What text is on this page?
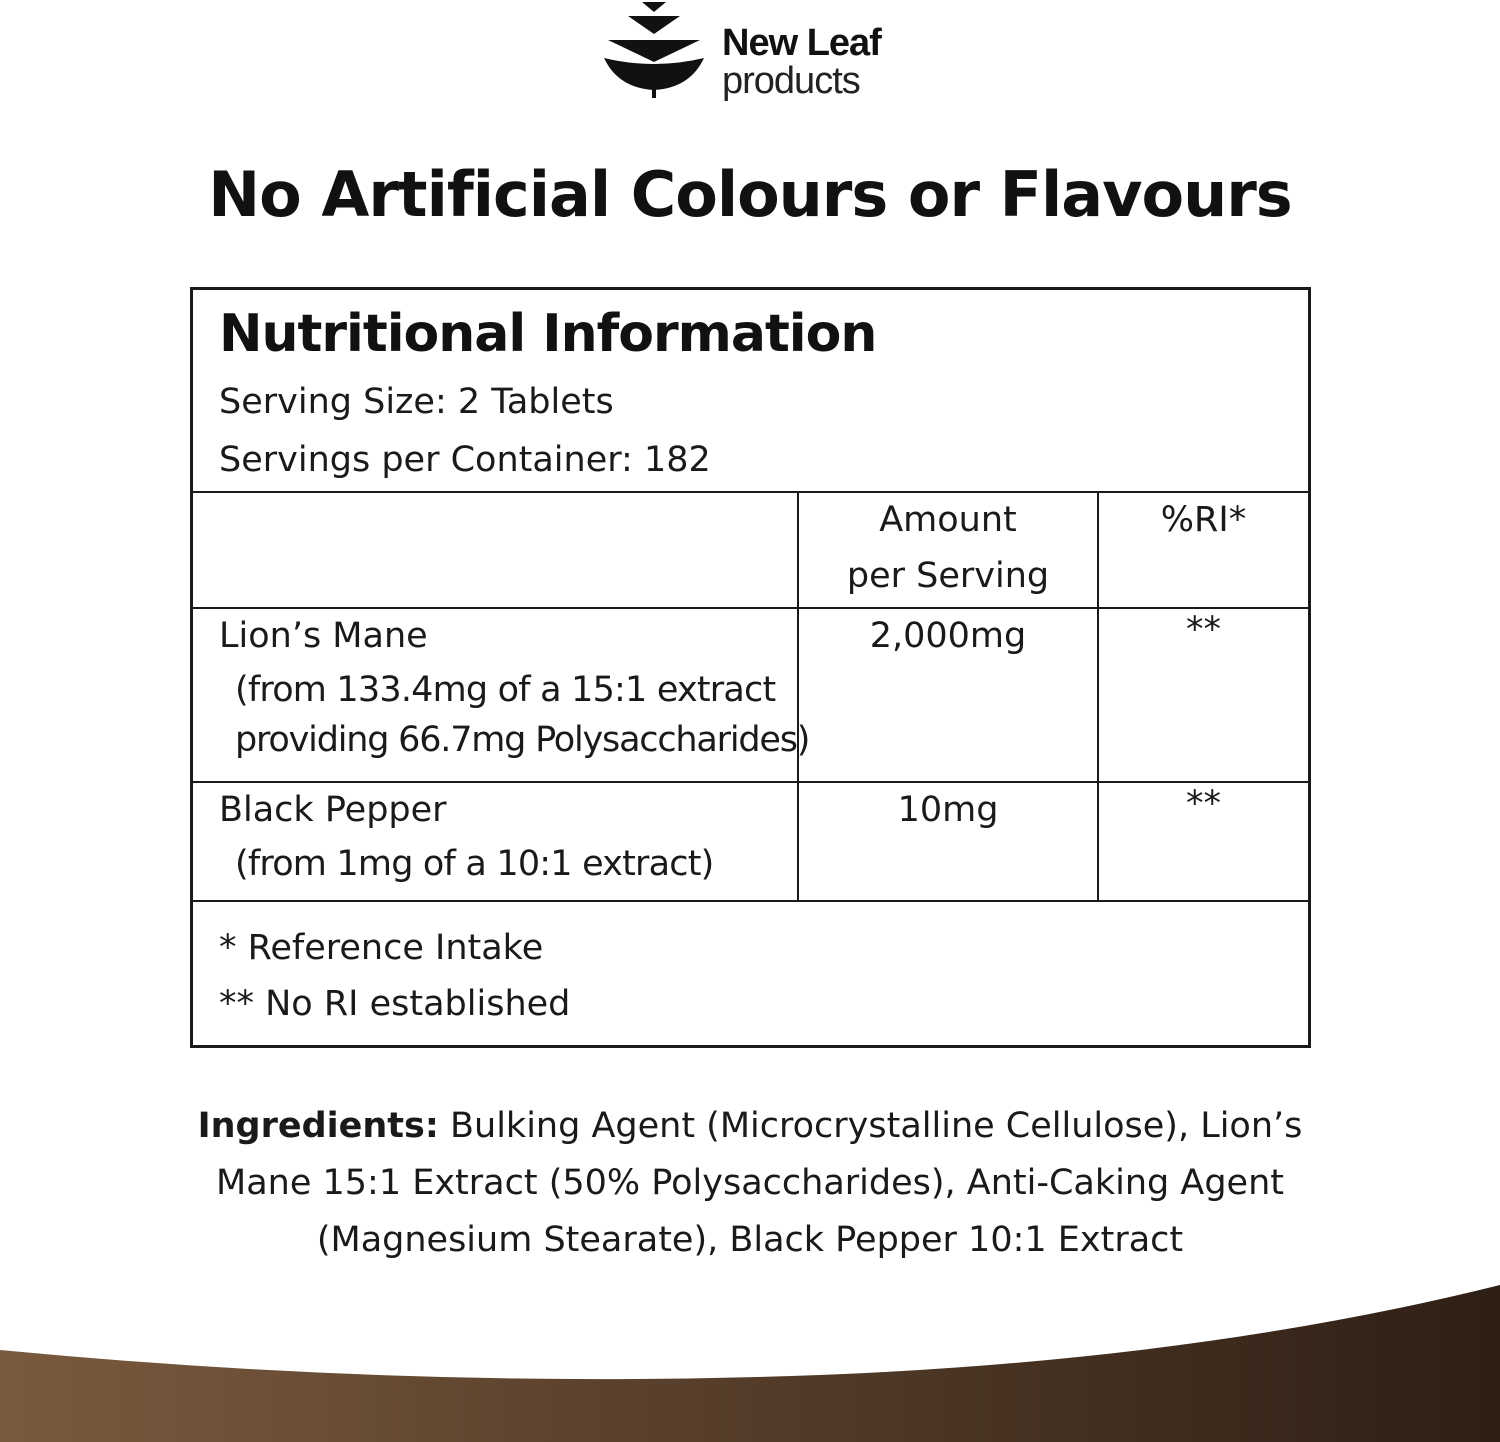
New Leaf
products
No Artificial Colours or Flavours
Nutritional Information
Serving Size: 2 Tablets
Servings per Container: 182
Amount
per Serving
%RI*
Lion’s Mane
(from 133.4mg of a 15:1 extract
providing 66.7mg Polysaccharides)
2,000mg	**
Black Pepper
(from 1mg of a 10:1 extract)
10mg	**
* Reference Intake
** No RI established
Ingredients: Bulking Agent (Microcrystalline Cellulose), Lion’s
Mane 15:1 Extract (50% Polysaccharides), Anti-Caking Agent
(Magnesium Stearate), Black Pepper 10:1 Extract
